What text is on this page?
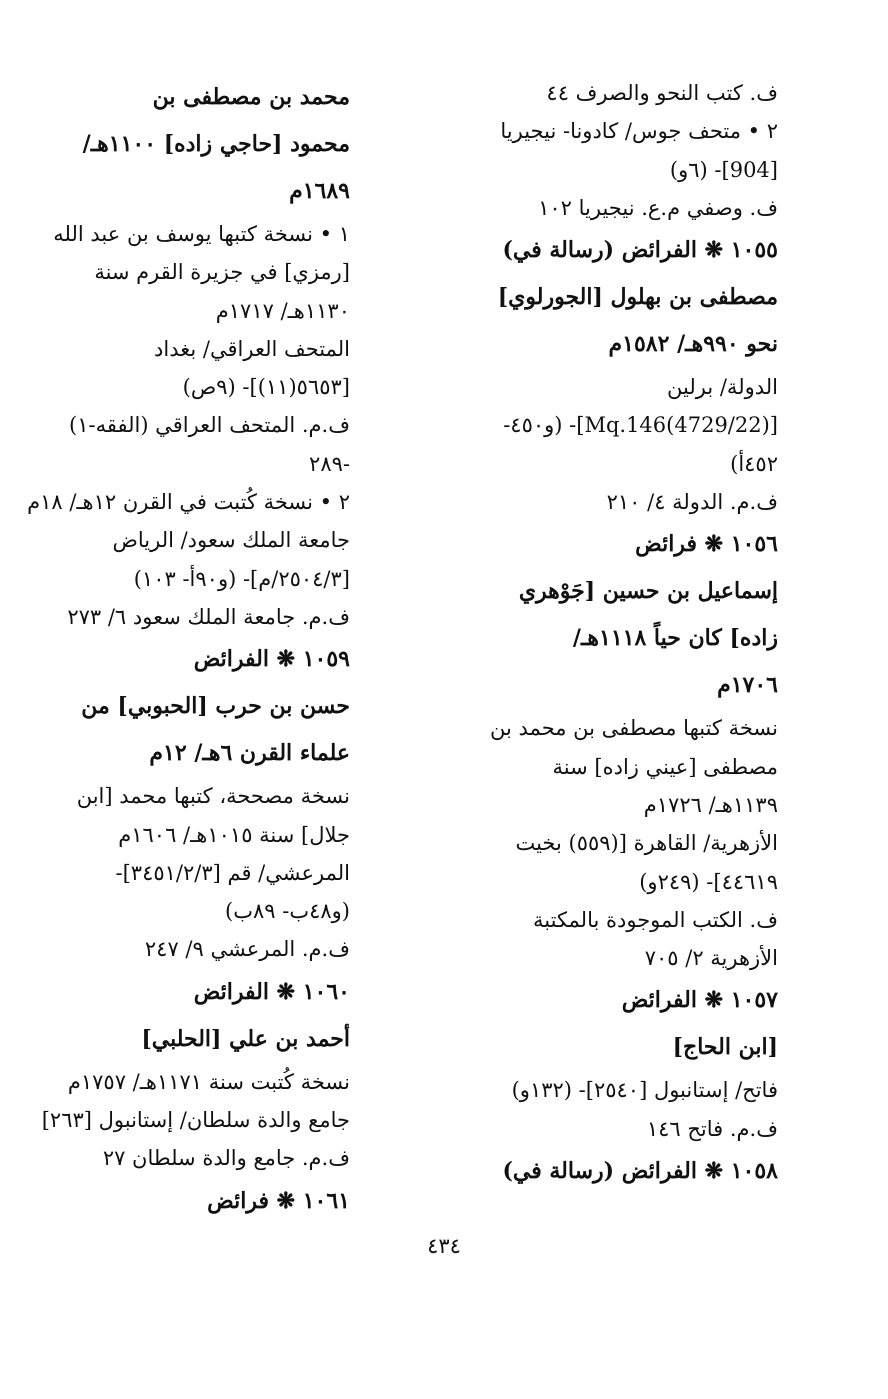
ف. كتب النحو والصرف ٤٤
٢ • متحف جوس/ كادونا- نيجيريا
[904]- (٦و)
ف. وصفي م.ع. نيجيريا ١٠٢
١٠٥٥ ❋ الفرائض (رسالة في)
مصطفى بن بهلول [الجورلوي]
نحو ٩٩٠هـ/ ١٥٨٢م
الدولة/ برلين
[(4729/22)Mq.146]- (و٤٥٠-
٤٥٢أ)
ف.م. الدولة ٤/ ٢١٠
١٠٥٦ ❋ فرائض
إسماعيل بن حسين [جَوْهري
زاده] كان حياً ١١١٨هـ/
١٧٠٦م
نسخة كتبها مصطفى بن محمد بن
مصطفى [عيني زاده] سنة
١١٣٩هـ/ ١٧٢٦م
الأزهرية/ القاهرة [(٥٥٩) بخيت
٤٤٦١٩]- (٢٤٩و)
ف. الكتب الموجودة بالمكتبة
الأزهرية ٢/ ٧٠٥
١٠٥٧ ❋ الفرائض
[ابن الحاج]
فاتح/ إستانبول [٢٥٤٠]- (١٣٢و)
ف.م. فاتح ١٤٦
١٠٥٨ ❋ الفرائض (رسالة في)
محمد بن مصطفى بن
محمود [حاجي زاده] ١١٠٠هـ/
١٦٨٩م
١ • نسخة كتبها يوسف بن عبد الله
[رمزي] في جزيرة القرم سنة
١١٣٠هـ/ ١٧١٧م
المتحف العراقي/ بغداد
[٥٦٥٣(١١)]- (٩ص)
ف.م. المتحف العراقي (الفقه-١)
-٢٨٩
٢ • نسخة كُتبت في القرن ١٢هـ/ ١٨م
جامعة الملك سعود/ الرياض
[٢٥٠٤/٣/م]- (و٩٠أ- ١٠٣)
ف.م. جامعة الملك سعود ٦/ ٢٧٣
١٠٥٩ ❋ الفرائض
حسن بن حرب [الحبوبي] من
علماء القرن ٦هـ/ ١٢م
نسخة مصححة، كتبها محمد [ابن
جلال] سنة ١٠١٥هـ/ ١٦٠٦م
المرعشي/ قم [٣٤٥١/٢/٣]-
(و٤٨ب- ٨٩ب)
ف.م. المرعشي ٩/ ٢٤٧
١٠٦٠ ❋ الفرائض
أحمد بن علي [الحلبي]
نسخة كُتبت سنة ١١٧١هـ/ ١٧٥٧م
جامع والدة سلطان/ إستانبول [٢٦٣]
ف.م. جامع والدة سلطان ٢٧
١٠٦١ ❋ فرائض
٤٣٤
